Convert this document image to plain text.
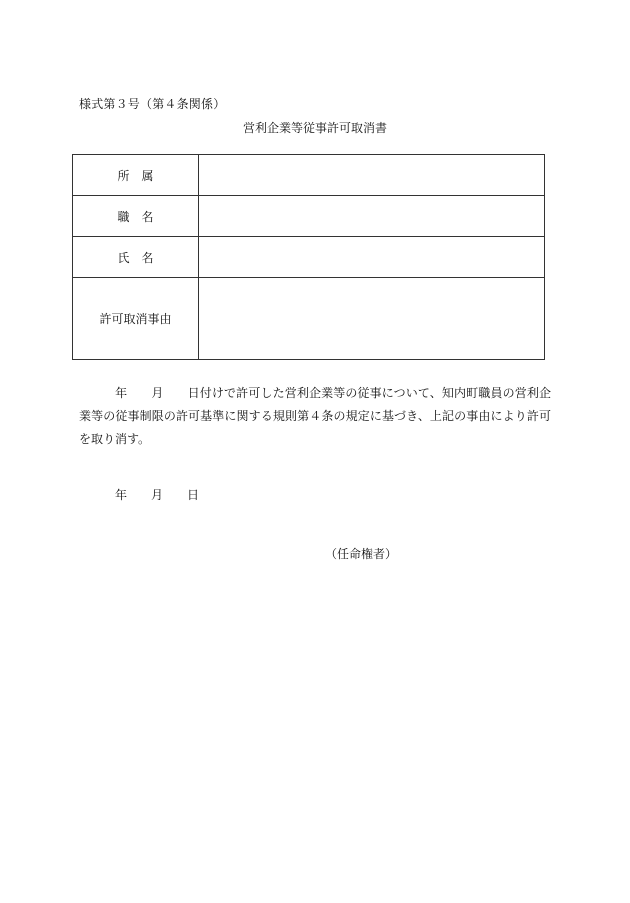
様式第３号（第４条関係）
営利企業等従事許可取消書
所　属	
職　名	
氏　名	
許可取消事由	
年 月 日付けで許可した営利企業等の従事について、知内町職員の営利企業等の従事制限の許可基準に関する規則第４条の規定に基づき、上記の事由により許可を取り消す。
年 月 日
（任命権者）
